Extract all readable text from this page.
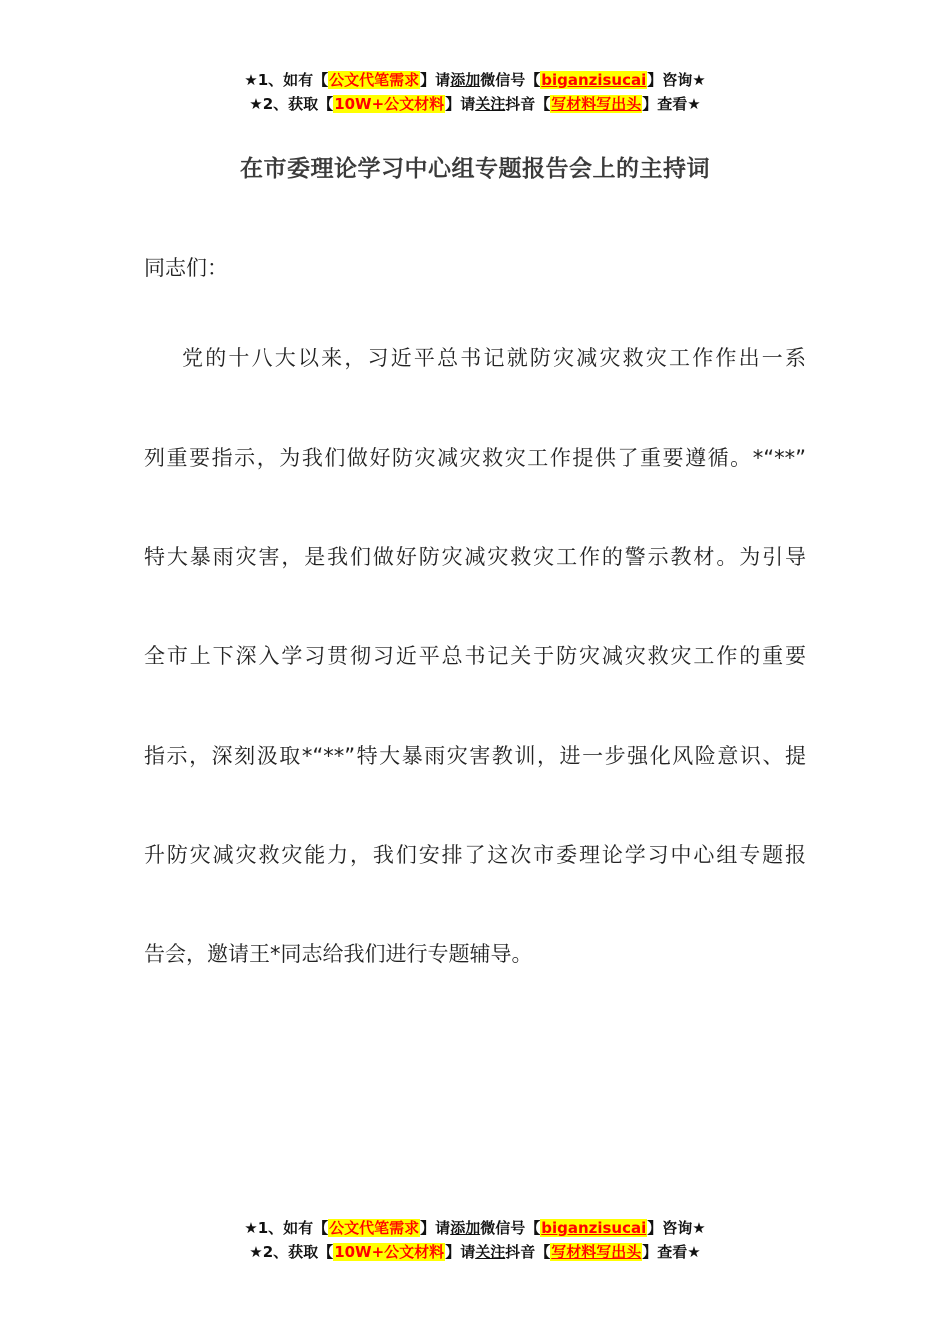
★1、如有【公文代笔需求】请添加微信号【biganzisucai】咨询★
★2、获取【10W+公文材料】请关注抖音【写材料写出头】查看★
在市委理论学习中心组专题报告会上的主持词
同志们：
党的十八大以来，习近平总书记就防灾减灾救灾工作作出一系
列重要指示，为我们做好防灾减灾救灾工作提供了重要遵循。*“**”
特大暴雨灾害，是我们做好防灾减灾救灾工作的警示教材。为引导
全市上下深入学习贯彻习近平总书记关于防灾减灾救灾工作的重要
指示，深刻汲取*“**”特大暴雨灾害教训，进一步强化风险意识、提
升防灾减灾救灾能力，我们安排了这次市委理论学习中心组专题报
告会，邀请王*同志给我们进行专题辅导。
★1、如有【公文代笔需求】请添加微信号【biganzisucai】咨询★
★2、获取【10W+公文材料】请关注抖音【写材料写出头】查看★
